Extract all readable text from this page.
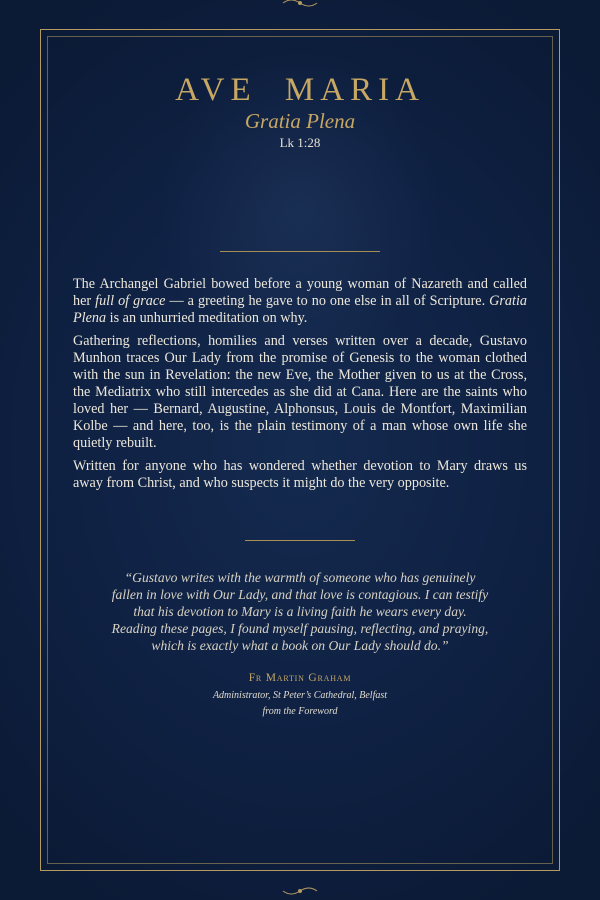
AVE MARIA
Gratia Plena
Lk 1:28

The Archangel Gabriel bowed before a young woman of Nazareth and called her full of grace — a greeting he gave to no one else in all of Scripture. Gratia Plena is an unhurried meditation on why.

Gathering reflections, homilies and verses written over a decade, Gustavo Munhon traces Our Lady from the promise of Genesis to the woman clothed with the sun in Revelation: the new Eve, the Mother given to us at the Cross, the Mediatrix who still intercedes as she did at Cana. Here are the saints who loved her — Bernard, Augustine, Alphonsus, Louis de Montfort, Maximilian Kolbe — and here, too, is the plain testimony of a man whose own life she quietly rebuilt.

Written for anyone who has wondered whether devotion to Mary draws us away from Christ, and who suspects it might do the very opposite.

“Gustavo writes with the warmth of someone who has genuinely fallen in love with Our Lady, and that love is contagious. I can testify that his devotion to Mary is a living faith he wears every day. Reading these pages, I found myself pausing, reflecting, and praying, which is exactly what a book on Our Lady should do.”
Fr Martin Graham
Administrator, St Peter’s Cathedral, Belfast
from the Foreword
